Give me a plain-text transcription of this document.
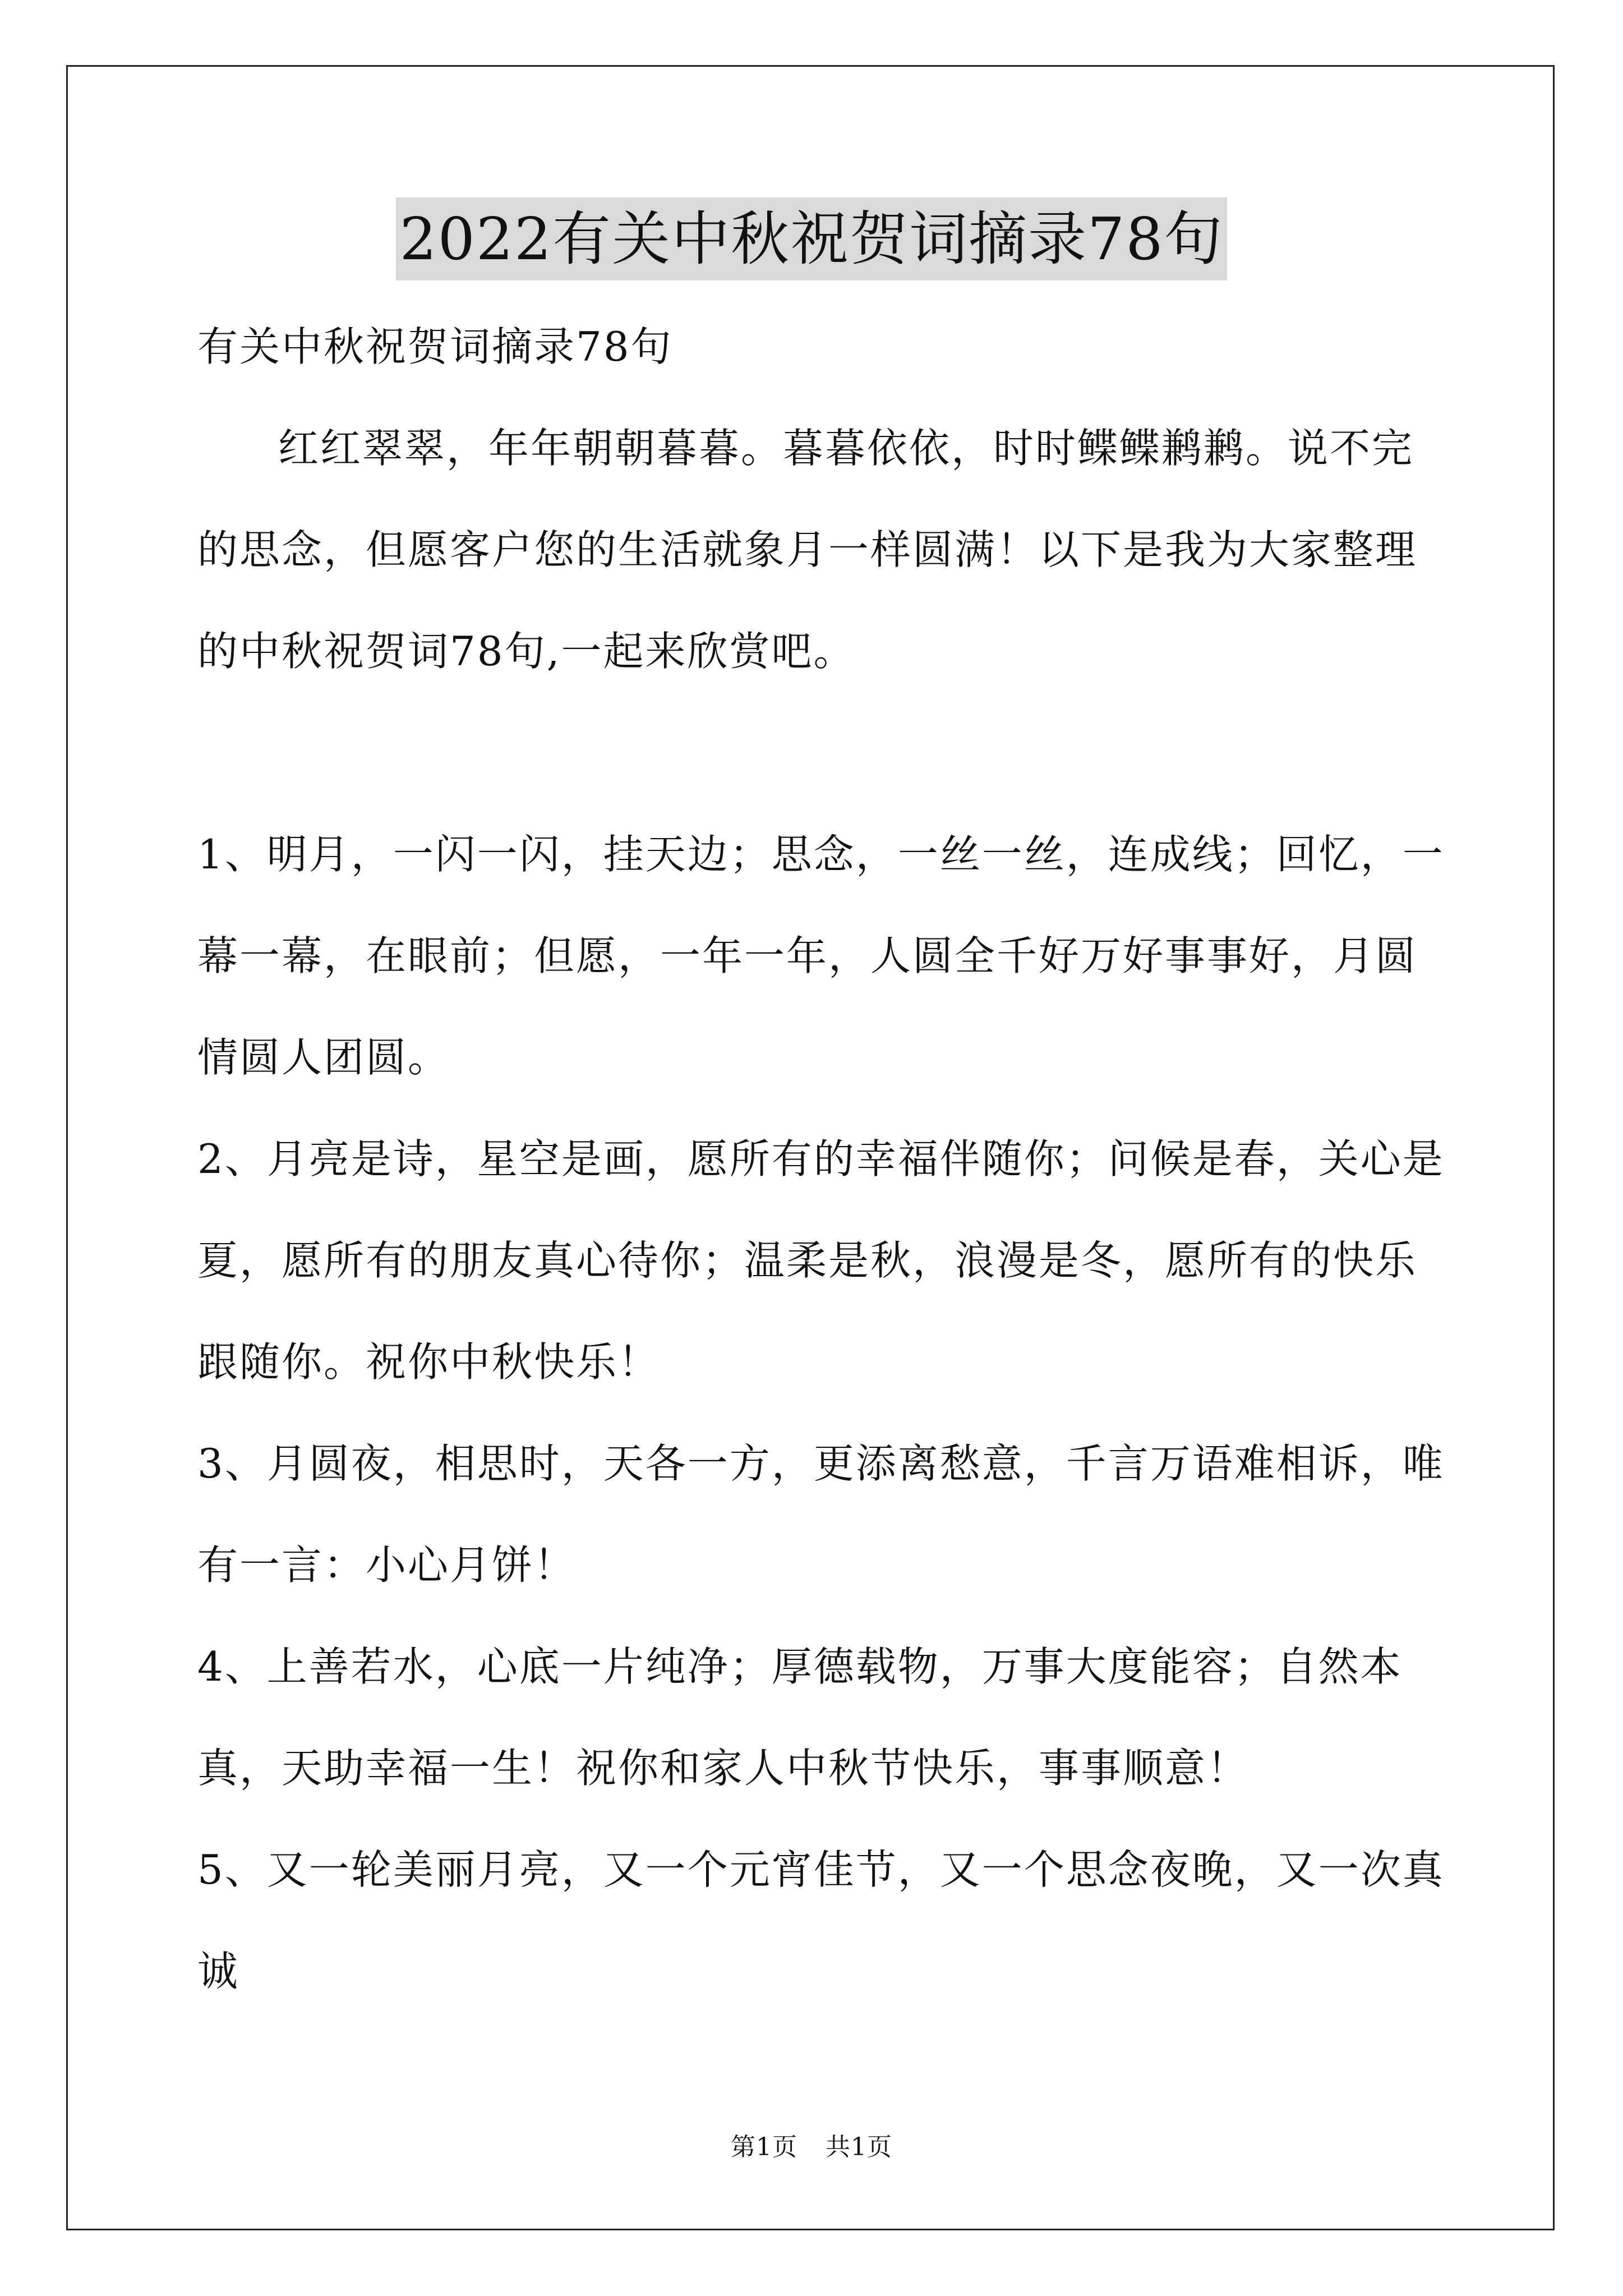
2022有关中秋祝贺词摘录78句

有关中秋祝贺词摘录78句

红红翠翠，年年朝朝暮暮。暮暮依依，时时鲽鲽鹣鹣。说不完的思念，但愿客户您的生活就象月一样圆满！以下是我为大家整理的中秋祝贺词78句,一起来欣赏吧。

1、明月，一闪一闪，挂天边；思念，一丝一丝，连成线；回忆，一幕一幕，在眼前；但愿，一年一年，人圆全千好万好事事好，月圆情圆人团圆。

2、月亮是诗，星空是画，愿所有的幸福伴随你；问候是春，关心是夏，愿所有的朋友真心待你；温柔是秋，浪漫是冬，愿所有的快乐跟随你。祝你中秋快乐！

3、月圆夜，相思时，天各一方，更添离愁意，千言万语难相诉，唯有一言：小心月饼！

4、上善若水，心底一片纯净；厚德载物，万事大度能容；自然本真，天助幸福一生！祝你和家人中秋节快乐，事事顺意！

5、又一轮美丽月亮，又一个元宵佳节，又一个思念夜晚，又一次真诚

第1页 共1页
